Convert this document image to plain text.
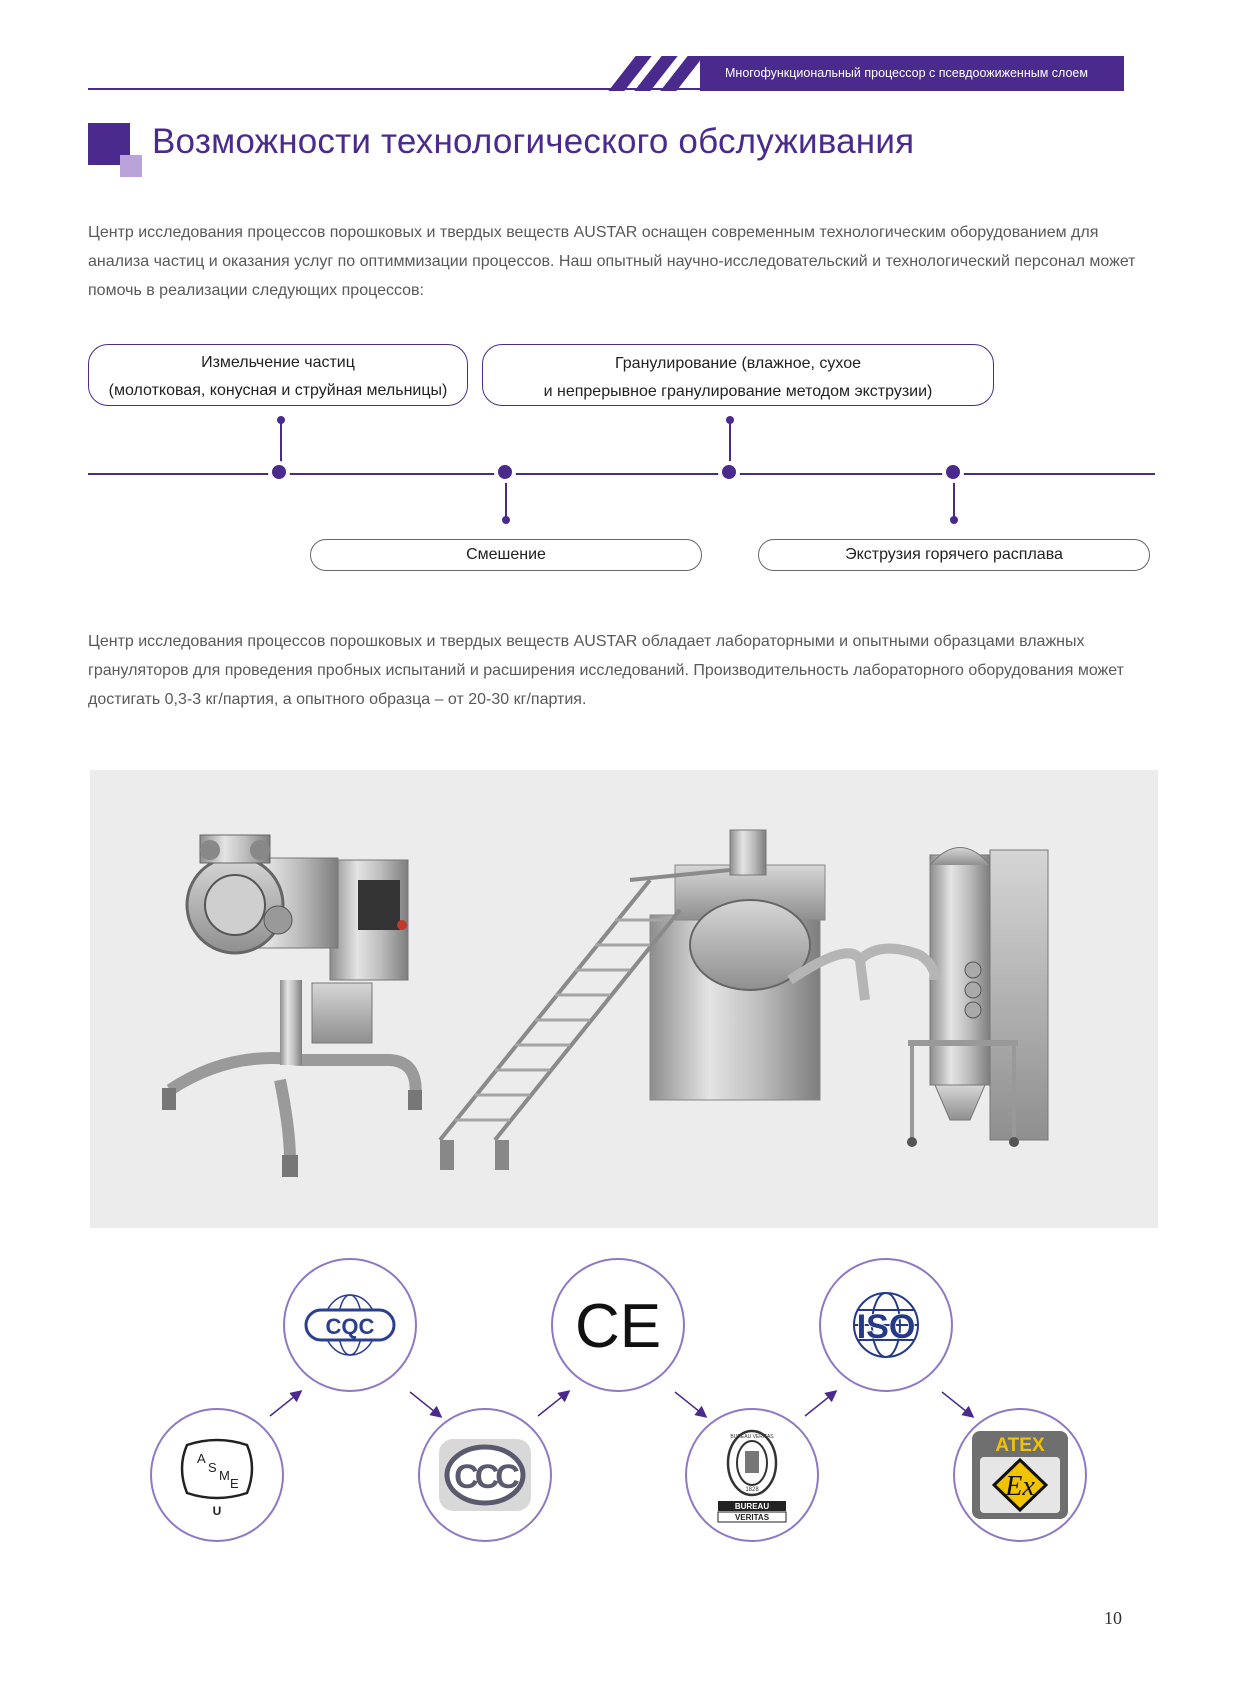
Многофункциональный процессор с псевдоожиженным слоем
Возможности технологического обслуживания
Центр исследования процессов порошковых и твердых веществ AUSTAR оснащен современным технологическим оборудованием для анализа частиц и оказания услуг по оптиммизации процессов. Наш опытный научно-исследовательский и технологический персонал может помочь в реализации следующих процессов:
Измельчение частиц
(молотковая, конусная и струйная мельницы)
Гранулирование (влажное, сухое
и непрерывное гранулирование методом экструзии)
Смешение	Экструзия горячего расплава
Центр исследования процессов порошковых и твердых веществ AUSTAR обладает лабораторными и опытными образцами влажных грануляторов для проведения пробных испытаний и расширения исследований. Производительность лабораторного оборудования может достигать 0,3-3 кг/партия, а опытного образца – от 20-30 кг/партия.
CQC	CE	ISO
A
S
M
E
U
CCC
BUREAU VERITAS
1828
BUREAU
VERITAS
ATEX
Ex
10
